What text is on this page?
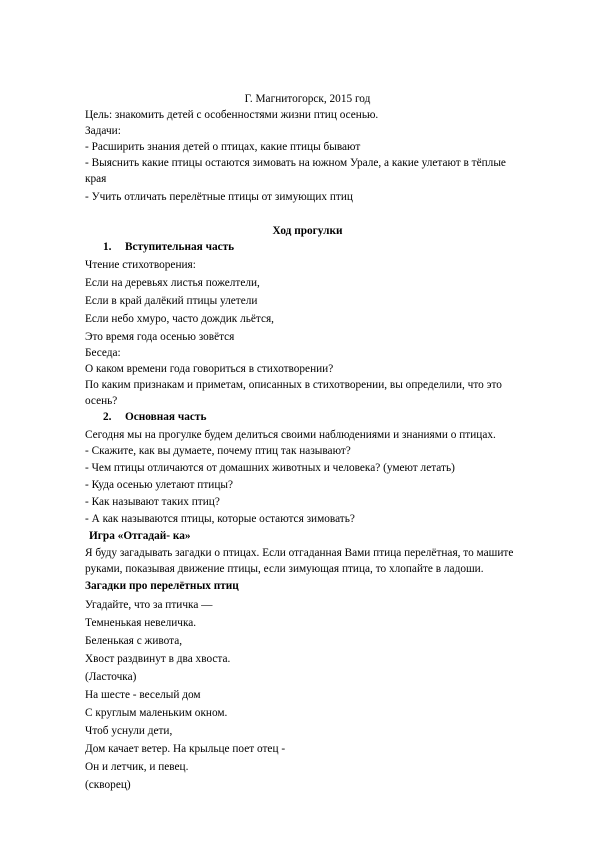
Г. Магнитогорск, 2015 год
Цель: знакомить детей с особенностями жизни птиц осенью.
Задачи:
- Расширить знания детей о птицах, какие птицы бывают
- Выяснить какие птицы остаются зимовать на южном Урале, а какие улетают в тёплые
края
- Учить отличать перелётные птицы от зимующих птиц
Ход прогулки
1. Вступительная часть
Чтение стихотворения:
Если на деревьях листья пожелтели,
Если в край далёкий птицы улетели
Если небо хмуро, часто дождик льётся,
Это время года осенью зовётся
Беседа:
О каком времени года говориться в стихотворении?
По каким признакам и приметам, описанных в стихотворении, вы определили, что это
осень?
2. Основная часть
Сегодня мы на прогулке будем делиться своими наблюдениями и знаниями о птицах.
- Скажите, как вы думаете, почему птиц так называют?
- Чем птицы отличаются от домашних животных и человека? (умеют летать)
- Куда осенью улетают птицы?
- Как называют таких птиц?
- А как называются птицы, которые остаются зимовать?
Игра «Отгадай- ка»
Я буду загадывать загадки о птицах. Если отгаданная Вами птица перелётная, то машите
руками, показывая движение птицы, если зимующая птица, то хлопайте в ладоши.
Загадки про перелётных птиц
Угадайте, что за птичка —
Темненькая невеличка.
Беленькая с живота,
Хвост раздвинут в два хвоста.
(Ласточка)
На шесте - веселый дом
С круглым маленьким окном.
Чтоб уснули дети,
Дом качает ветер. На крыльце поет отец -
Он и летчик, и певец.
(скворец)
